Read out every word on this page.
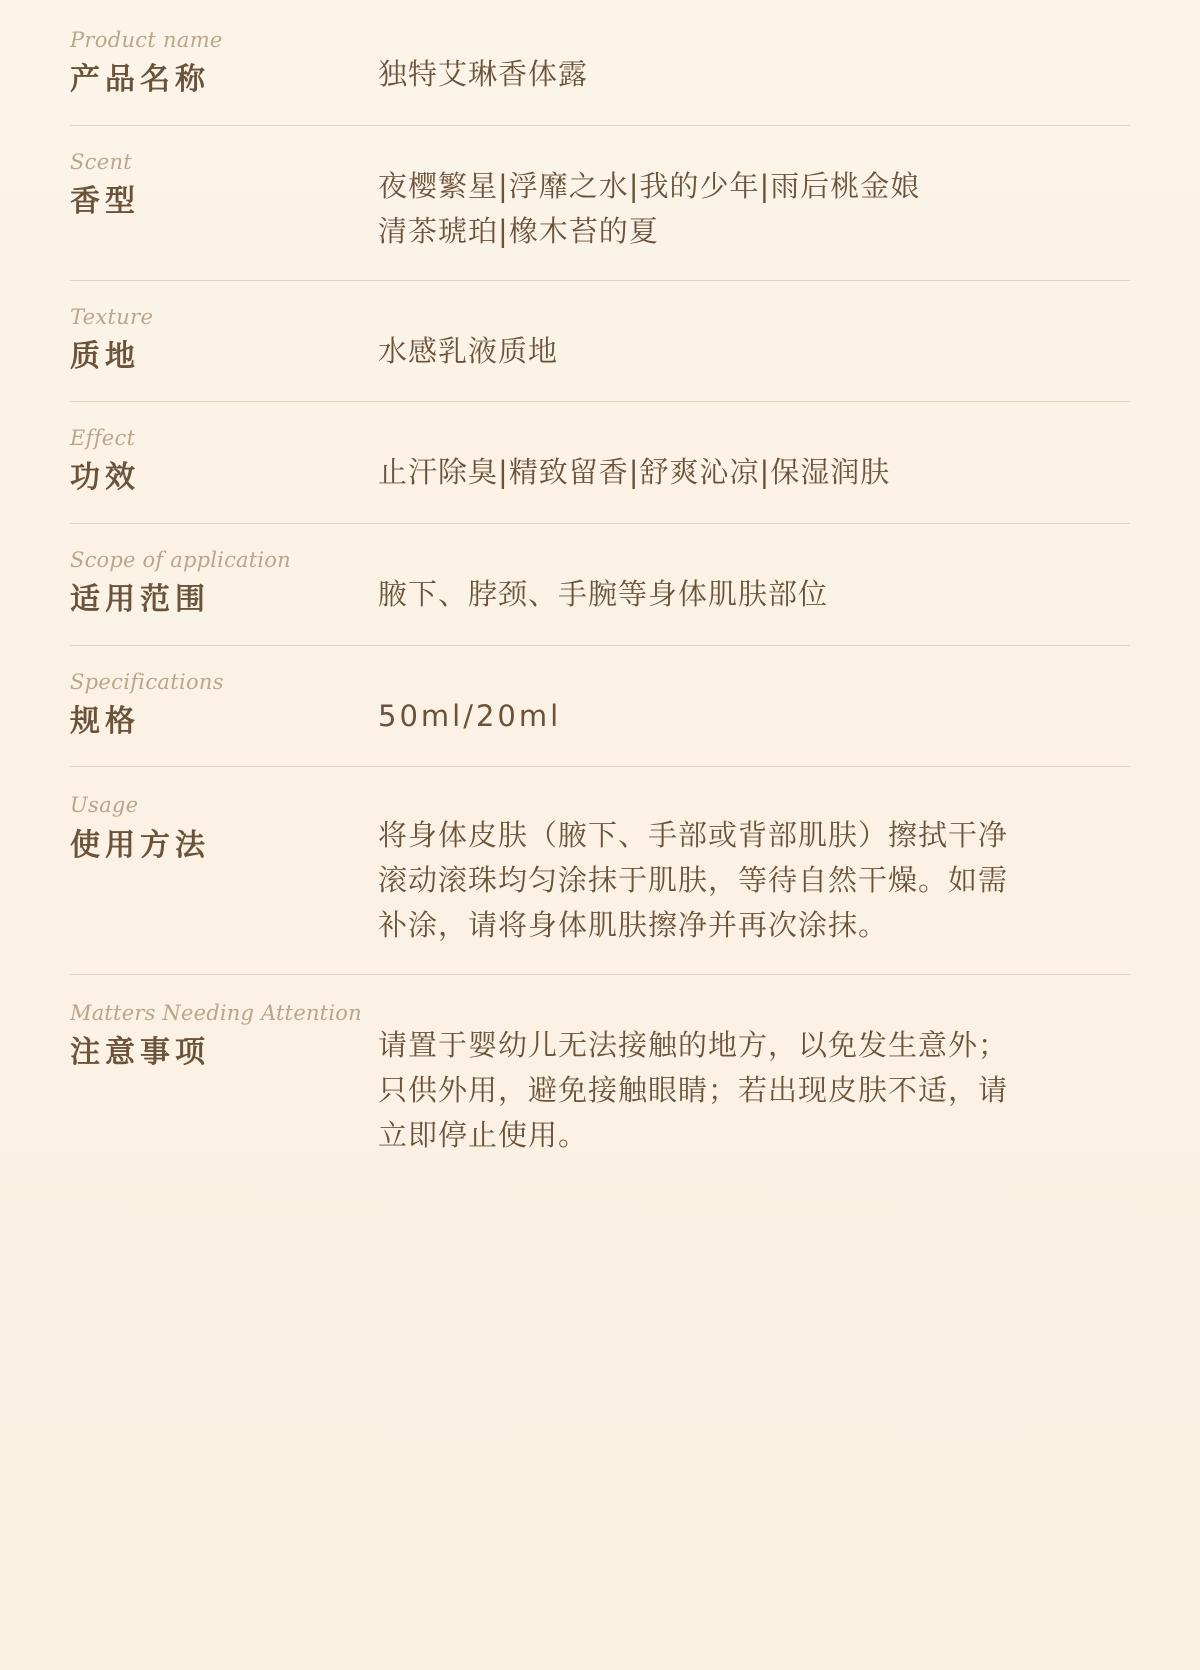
Product name
产品名称	独特艾琳香体露
Scent
香型	夜樱繁星|浮靡之水|我的少年|雨后桃金娘
清茶琥珀|橡木苔的夏
Texture
质地	水感乳液质地
Effect
功效	止汗除臭|精致留香|舒爽沁凉|保湿润肤
Scope of application
适用范围	腋下、脖颈、手腕等身体肌肤部位
Specifications
规格	50ml/20ml
Usage
使用方法	将身体皮肤（腋下、手部或背部肌肤）擦拭干净
滚动滚珠均匀涂抹于肌肤，等待自然干燥。如需
补涂，请将身体肌肤擦净并再次涂抹。
Matters Needing Attention
注意事项	请置于婴幼儿无法接触的地方，以免发生意外；
只供外用，避免接触眼睛；若出现皮肤不适，请
立即停止使用。
